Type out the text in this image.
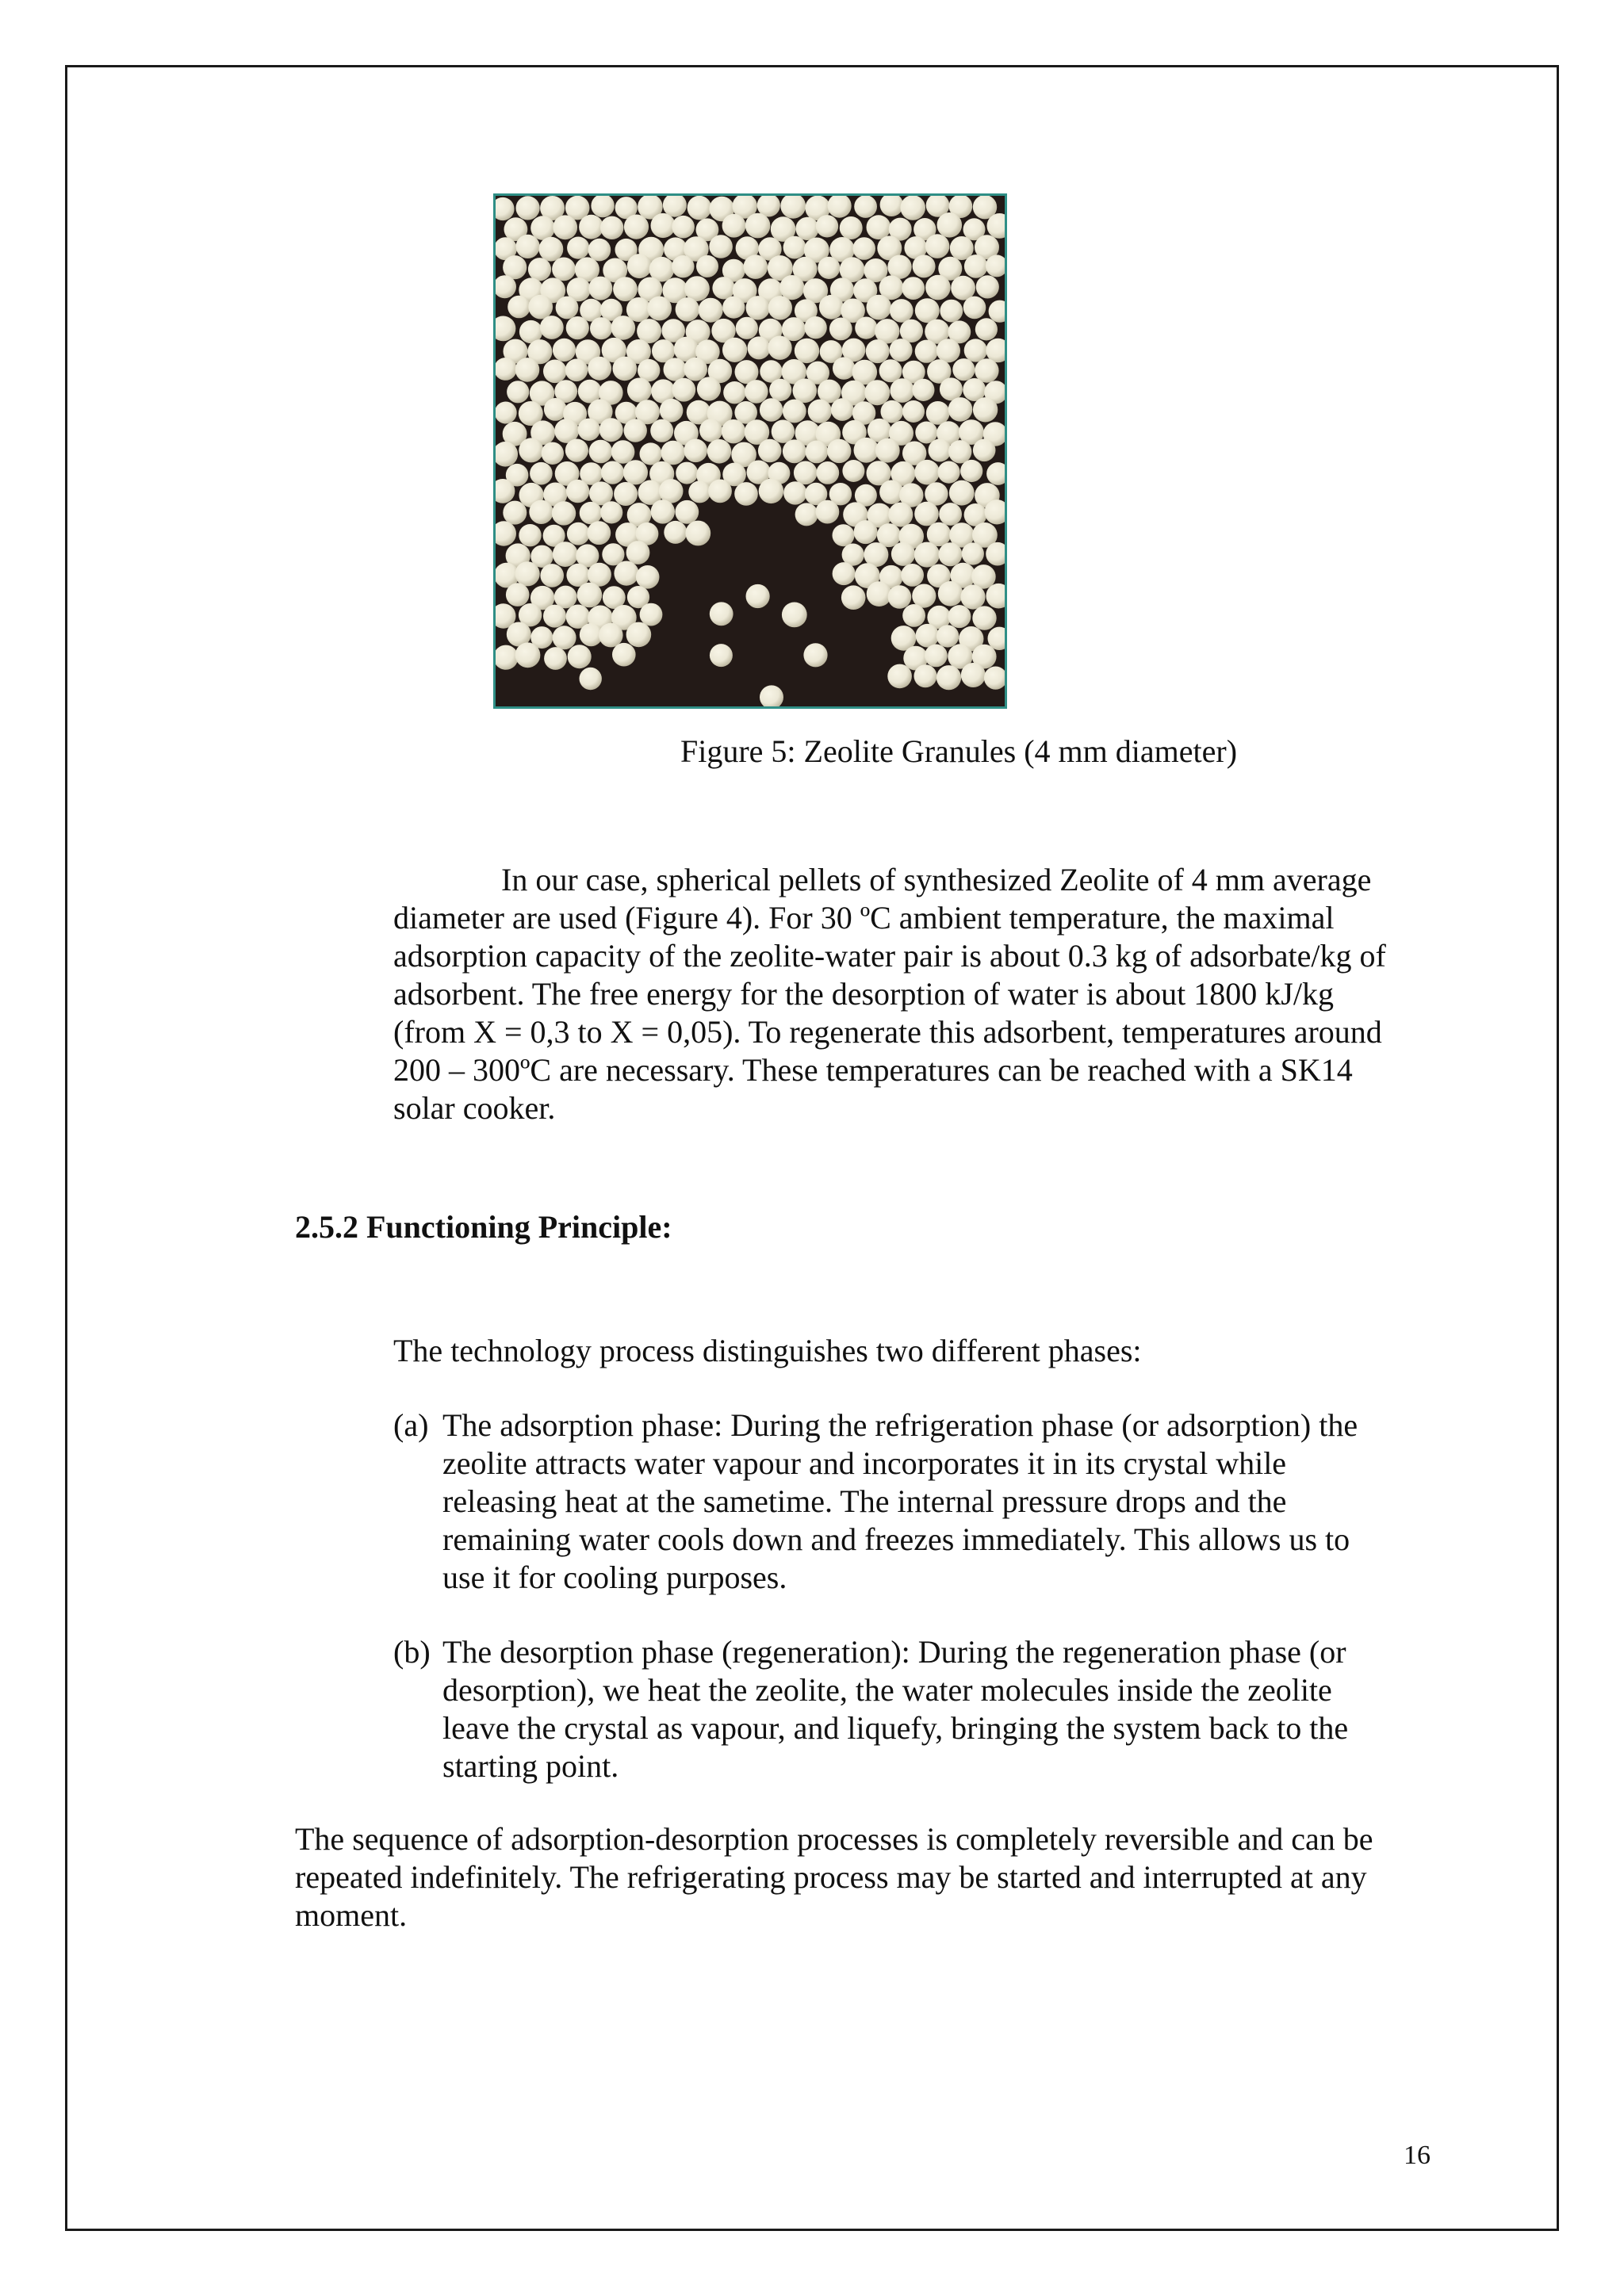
Figure 5: Zeolite Granules (4 mm diameter)
In our case, spherical pellets of synthesized Zeolite of 4 mm average
diameter are used (Figure 4). For 30 ºC ambient temperature, the maximal
adsorption capacity of the zeolite-water pair is about 0.3 kg of adsorbate/kg of
adsorbent. The free energy for the desorption of water is about 1800 kJ/kg
(from X = 0,3 to X = 0,05). To regenerate this adsorbent, temperatures around
200 – 300ºC are necessary. These temperatures can be reached with a SK14
solar cooker.
2.5.2 Functioning Principle:
The technology process distinguishes two different phases:
(a) The adsorption phase: During the refrigeration phase (or adsorption) the
zeolite attracts water vapour and incorporates it in its crystal while
releasing heat at the sametime. The internal pressure drops and the
remaining water cools down and freezes immediately. This allows us to
use it for cooling purposes.
(b) The desorption phase (regeneration): During the regeneration phase (or
desorption), we heat the zeolite, the water molecules inside the zeolite
leave the crystal as vapour, and liquefy, bringing the system back to the
starting point.
The sequence of adsorption-desorption processes is completely reversible and can be
repeated indefinitely. The refrigerating process may be started and interrupted at any
moment.
16
